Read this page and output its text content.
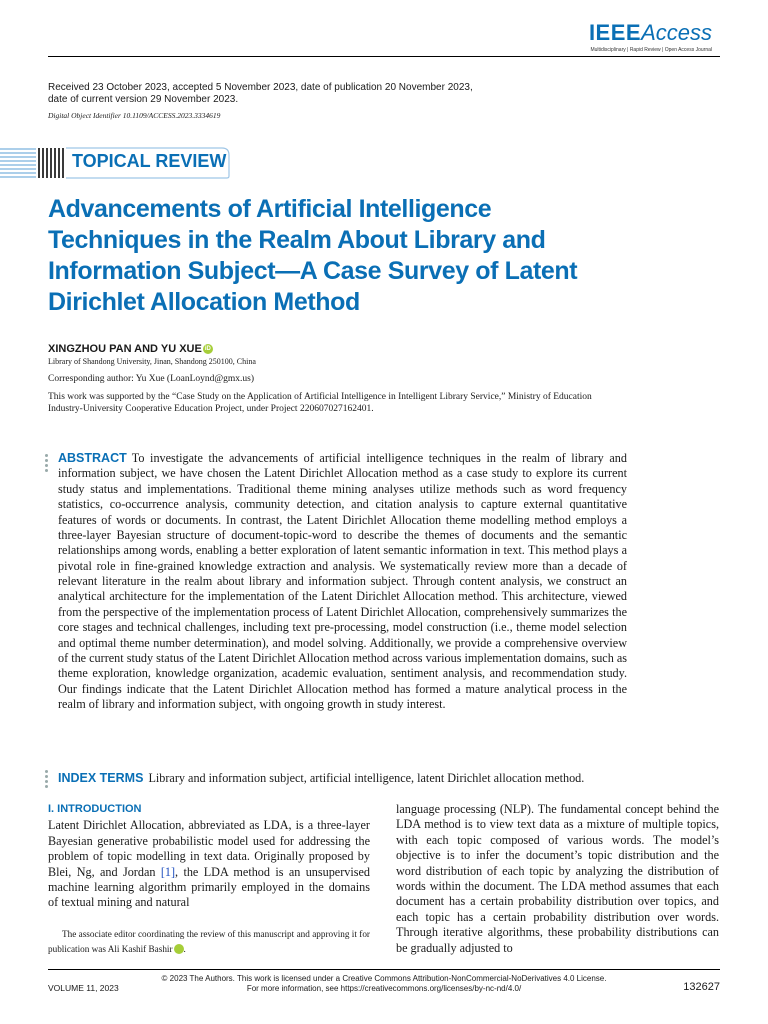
IEEEAccess
Multidisciplinary | Rapid Review | Open Access Journal
Received 23 October 2023, accepted 5 November 2023, date of publication 20 November 2023, date of current version 29 November 2023.
Digital Object Identifier 10.1109/ACCESS.2023.3334619
TOPICAL REVIEW
Advancements of Artificial Intelligence Techniques in the Realm About Library and Information Subject—A Case Survey of Latent Dirichlet Allocation Method
XINGZHOU PAN AND YU XUE iD
Library of Shandong University, Jinan, Shandong 250100, China
Corresponding author: Yu Xue (LoanLoynd@gmx.us)
This work was supported by the “Case Study on the Application of Artificial Intelligence in Intelligent Library Service,” Ministry of Education Industry-University Cooperative Education Project, under Project 220607027162401.
ABSTRACT To investigate the advancements of artificial intelligence techniques in the realm of library and information subject, we have chosen the Latent Dirichlet Allocation method as a case study to explore its current study status and implementations. Traditional theme mining analyses utilize methods such as word frequency statistics, co-occurrence analysis, community detection, and citation analysis to capture external quantitative features of words or documents. In contrast, the Latent Dirichlet Allocation theme modelling method employs a three-layer Bayesian structure of document-topic-word to describe the themes of documents and the semantic relationships among words, enabling a better exploration of latent semantic information in text. This method plays a pivotal role in fine-grained knowledge extraction and analysis. We systematically review more than a decade of relevant literature in the realm about library and information subject. Through content analysis, we construct an analytical architecture for the implementation of the Latent Dirichlet Allocation method. This architecture, viewed from the perspective of the implementation process of Latent Dirichlet Allocation, comprehensively summarizes the core stages and technical challenges, including text pre-processing, model construction (i.e., theme model selection and optimal theme number determination), and model solving. Additionally, we provide a comprehensive overview of the current study status of the Latent Dirichlet Allocation method across various implementation domains, such as theme exploration, knowledge organization, academic evaluation, sentiment analysis, and recommendation study. Our findings indicate that the Latent Dirichlet Allocation method has formed a mature analytical process in the realm of library and information subject, with ongoing growth in study interest.
INDEX TERMS Library and information subject, artificial intelligence, latent Dirichlet allocation method.
I. INTRODUCTION
Latent Dirichlet Allocation, abbreviated as LDA, is a three-layer Bayesian generative probabilistic model used for addressing the problem of topic modelling in text data. Originally proposed by Blei, Ng, and Jordan [1], the LDA method is an unsupervised machine learning algorithm primarily employed in the domains of textual mining and natural
The associate editor coordinating the review of this manuscript and approving it for publication was Ali Kashif Bashir	iD.
language processing (NLP). The fundamental concept behind the LDA method is to view text data as a mixture of multiple topics, with each topic composed of various words. The model’s objective is to infer the document’s topic distribution and the word distribution of each topic by analyzing the distribution of words within the document. The LDA method assumes that each document has a certain probability distribution over topics, and each topic has a certain probability distribution over words. Through iterative algorithms, these probability distributions can be gradually adjusted to
© 2023 The Authors. This work is licensed under a Creative Commons Attribution-NonCommercial-NoDerivatives 4.0 License.
For more information, see https://creativecommons.org/licenses/by-nc-nd/4.0/
VOLUME 11, 2023	132627
